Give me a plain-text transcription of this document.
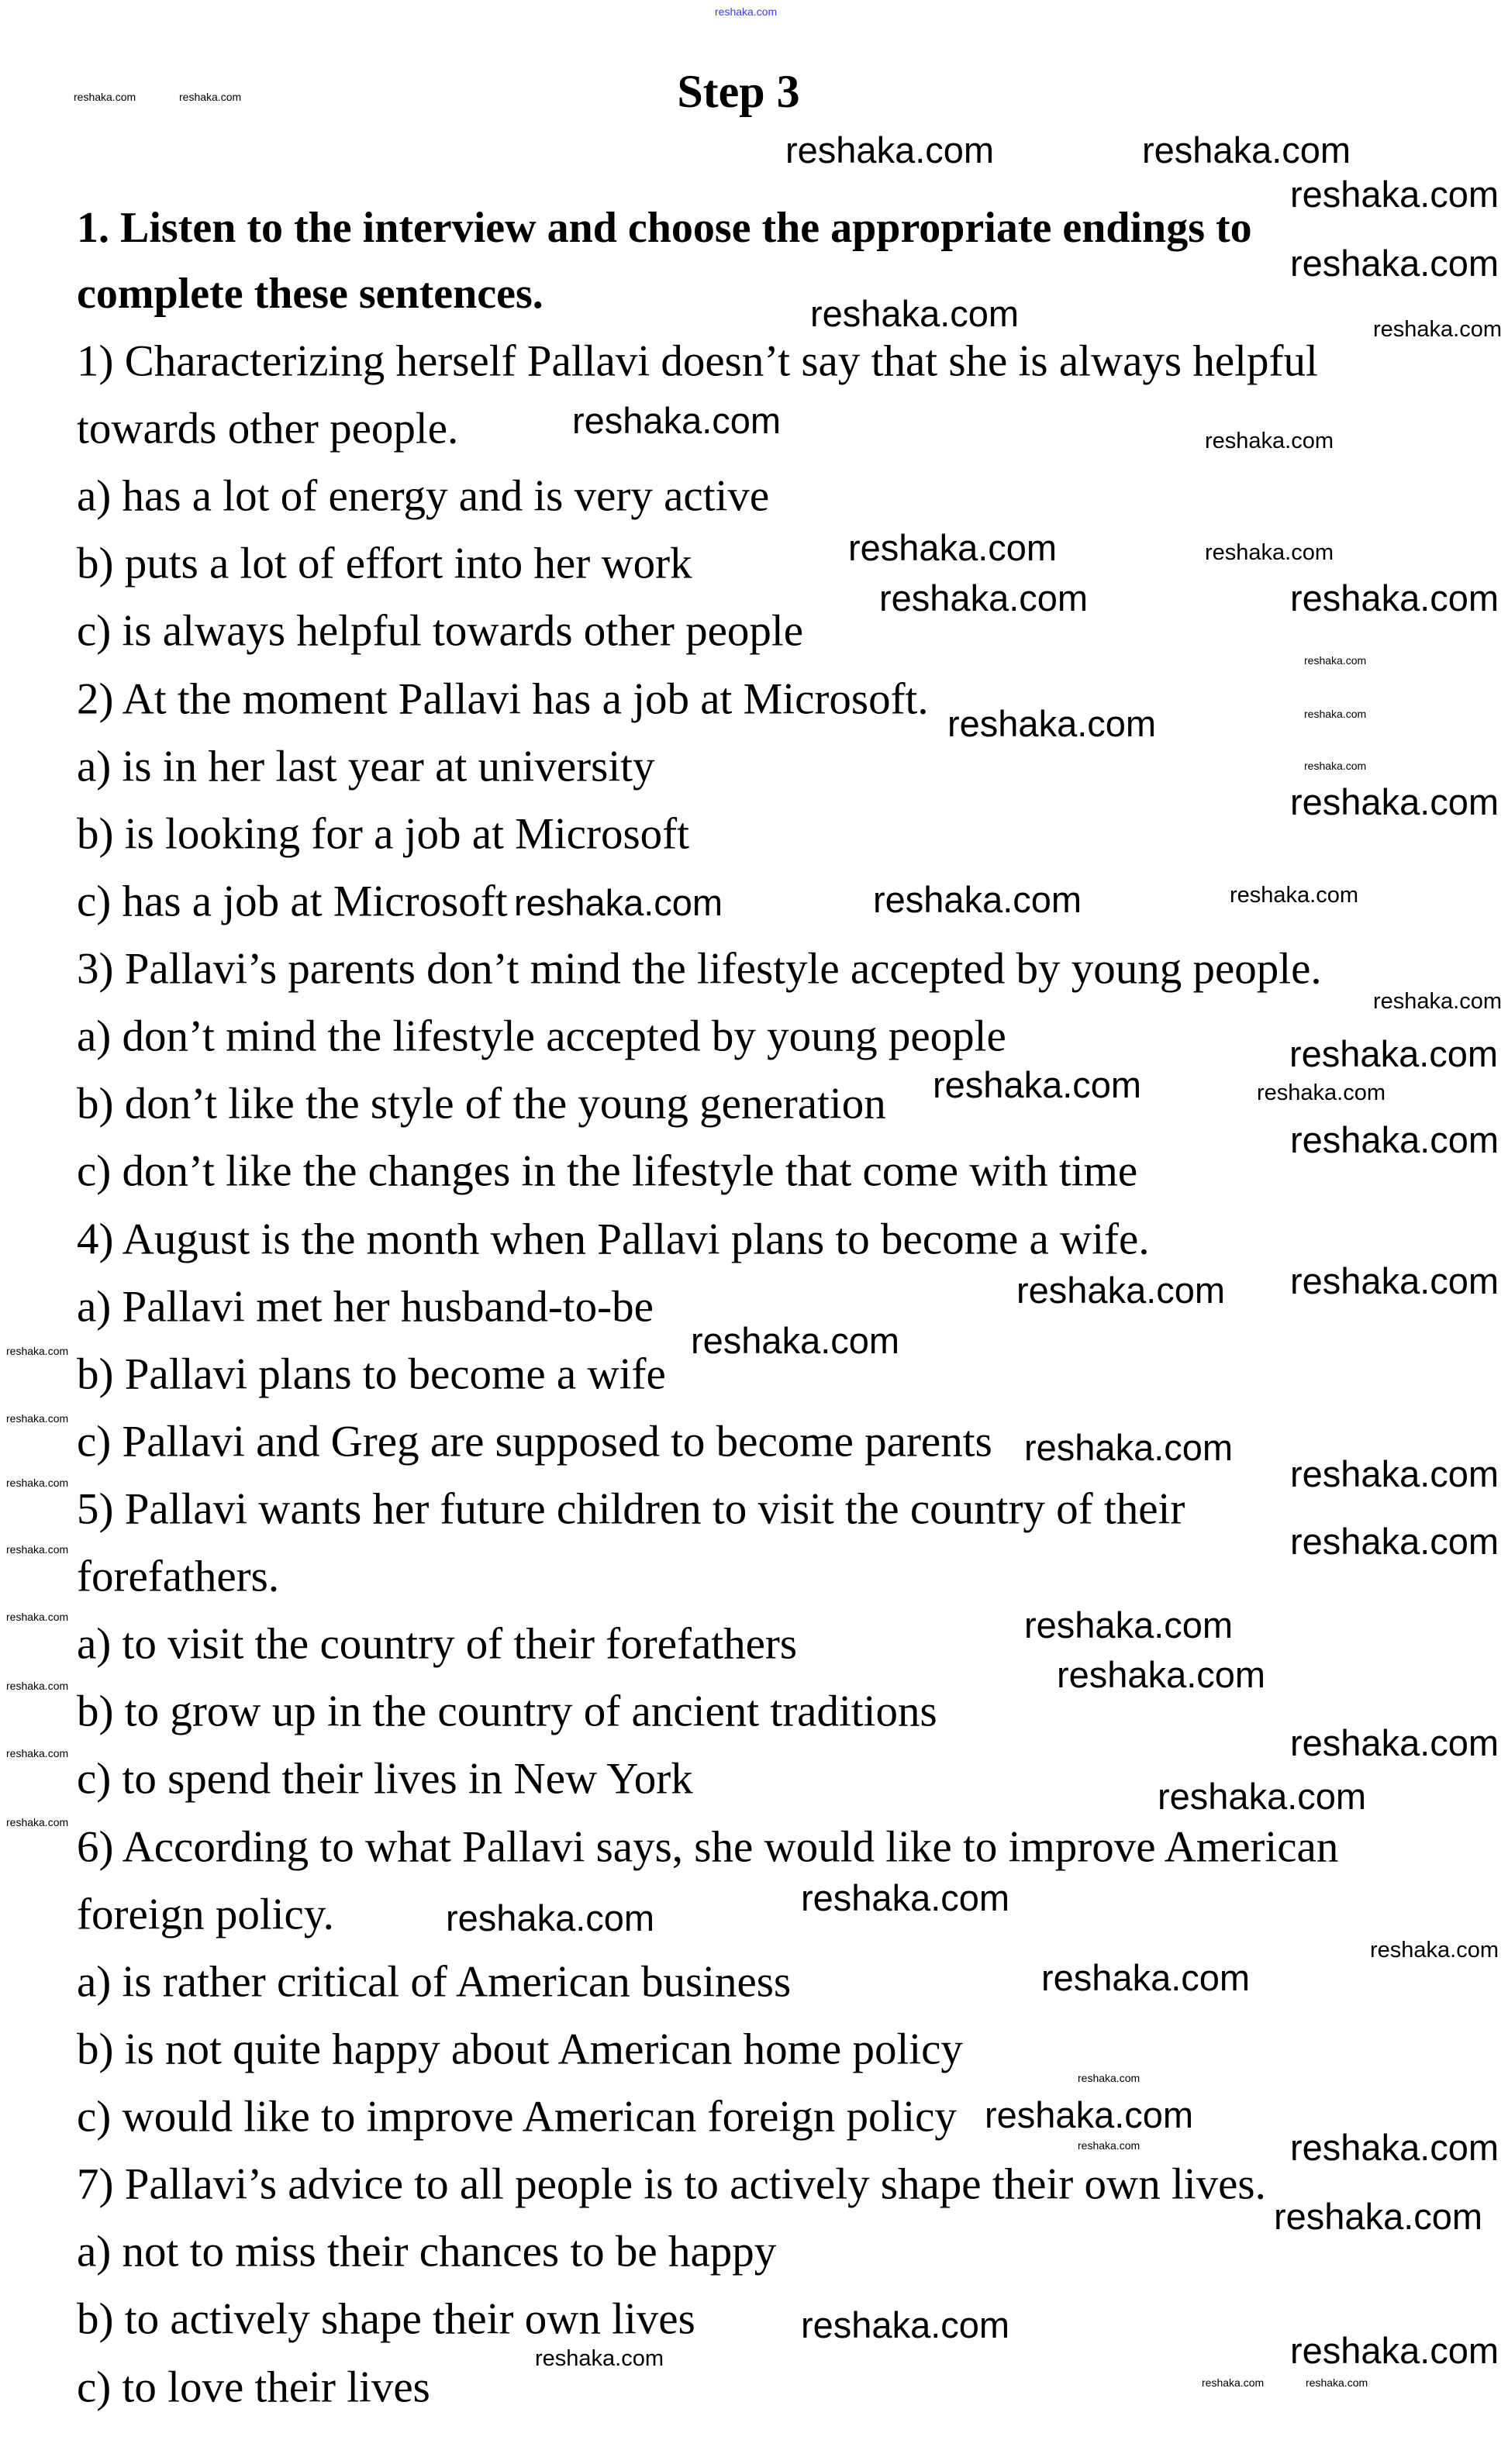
Step 3
1. Listen to the interview and choose the appropriate endings to
complete these sentences.
1) Characterizing herself Pallavi doesn’t say that she is always helpful
towards other people.
a) has a lot of energy and is very active
b) puts a lot of effort into her work
c) is always helpful towards other people
2) At the moment Pallavi has a job at Microsoft.
a) is in her last year at university
b) is looking for a job at Microsoft
c) has a job at Microsoft
3) Pallavi’s parents don’t mind the lifestyle accepted by young people.
a) don’t mind the lifestyle accepted by young people
b) don’t like the style of the young generation
c) don’t like the changes in the lifestyle that come with time
4) August is the month when Pallavi plans to become a wife.
a) Pallavi met her husband-to-be
b) Pallavi plans to become a wife
c) Pallavi and Greg are supposed to become parents
5) Pallavi wants her future children to visit the country of their
forefathers.
a) to visit the country of their forefathers
b) to grow up in the country of ancient traditions
c) to spend their lives in New York
6) According to what Pallavi says, she would like to improve American
foreign policy.
a) is rather critical of American business
b) is not quite happy about American home policy
c) would like to improve American foreign policy
7) Pallavi’s advice to all people is to actively shape their own lives.
a) not to miss their chances to be happy
b) to actively shape their own lives
c) to love their lives
reshaka.com
reshaka.com	reshaka.com
reshaka.com	reshaka.com
reshaka.com
reshaka.com
reshaka.com	reshaka.com
reshaka.com	reshaka.com
reshaka.com	reshaka.com
reshaka.com
reshaka.com
reshaka.com
reshaka.com
reshaka.com
reshaka.com
reshaka.com
reshaka.com	reshaka.com	reshaka.com
reshaka.com
reshaka.com
reshaka.com
reshaka.com
reshaka.com
reshaka.com
reshaka.com
reshaka.com
reshaka.com
reshaka.com
reshaka.com
reshaka.com
reshaka.com
reshaka.com
reshaka.com
reshaka.com
reshaka.com
reshaka.com
reshaka.com
reshaka.com
reshaka.com
reshaka.com
reshaka.com
reshaka.com
reshaka.com
reshaka.com
reshaka.com
reshaka.com
reshaka.com	reshaka.com
reshaka.com
reshaka.com
reshaka.com
reshaka.com
reshaka.com
reshaka.com	reshaka.com
